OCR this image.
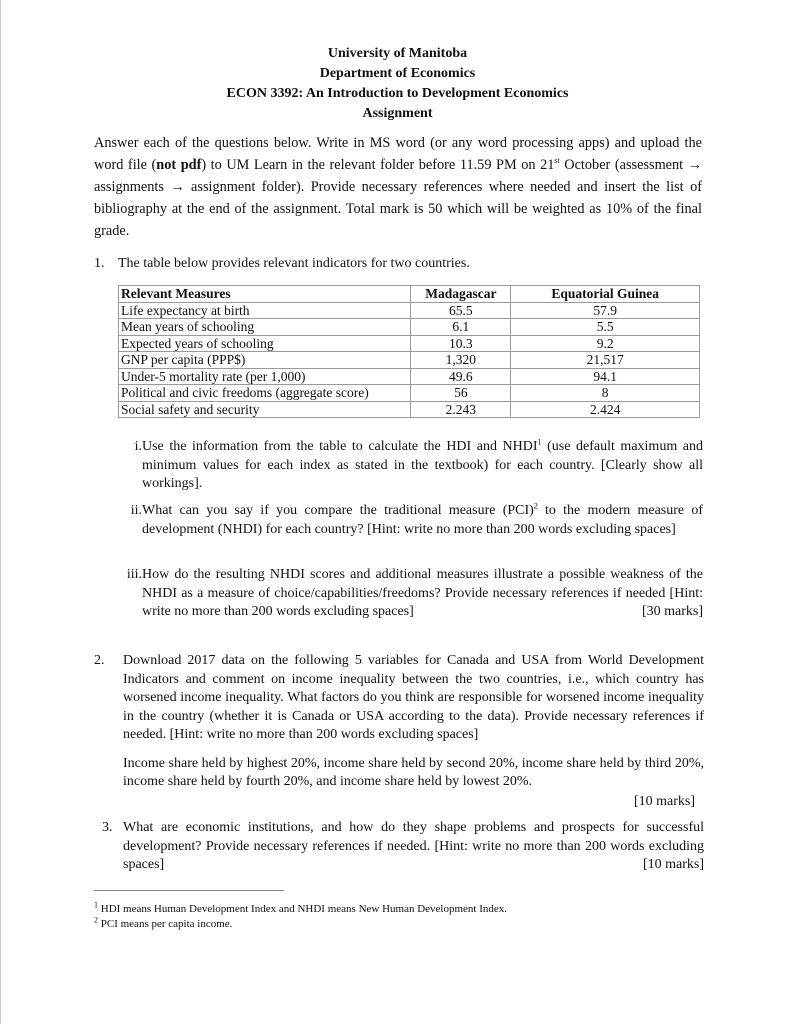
University of Manitoba
Department of Economics
ECON 3392: An Introduction to Development Economics
Assignment
Answer each of the questions below. Write in MS word (or any word processing apps) and upload the word file (not pdf) to UM Learn in the relevant folder before 11.59 PM on 21st October (assessment → assignments → assignment folder). Provide necessary references where needed and insert the list of bibliography at the end of the assignment. Total mark is 50 which will be weighted as 10% of the final grade.
1. The table below provides relevant indicators for two countries.
Relevant Measures	Madagascar	Equatorial Guinea
Life expectancy at birth	65.5	57.9
Mean years of schooling	6.1	5.5
Expected years of schooling	10.3	9.2
GNP per capita (PPP$)	1,320	21,517
Under-5 mortality rate (per 1,000)	49.6	94.1
Political and civic freedoms (aggregate score)	56	8
Social safety and security	2.243	2.424
i. Use the information from the table to calculate the HDI and NHDI$^1$ (use default maximum and minimum values for each index as stated in the textbook) for each country. [Clearly show all workings].
ii. What can you say if you compare the traditional measure (PCI)$^2$ to the modern measure of development (NHDI) for each country? [Hint: write no more than 200 words excluding spaces]
iii. How do the resulting NHDI scores and additional measures illustrate a possible weakness of the NHDI as a measure of choice/capabilities/freedoms? Provide necessary references if needed [Hint: write no more than 200 words excluding spaces]	[30 marks]
2. Download 2017 data on the following 5 variables for Canada and USA from World Development Indicators and comment on income inequality between the two countries, i.e., which country has worsened income inequality. What factors do you think are responsible for worsened income inequality in the country (whether it is Canada or USA according to the data). Provide necessary references if needed. [Hint: write no more than 200 words excluding spaces]
Income share held by highest 20%, income share held by second 20%, income share held by third 20%, income share held by fourth 20%, and income share held by lowest 20%.
[10 marks]
3. What are economic institutions, and how do they shape problems and prospects for successful development? Provide necessary references if needed. [Hint: write no more than 200 words excluding spaces]	[10 marks]
$^1$ HDI means Human Development Index and NHDI means New Human Development Index.
$^2$ PCI means per capita income.
